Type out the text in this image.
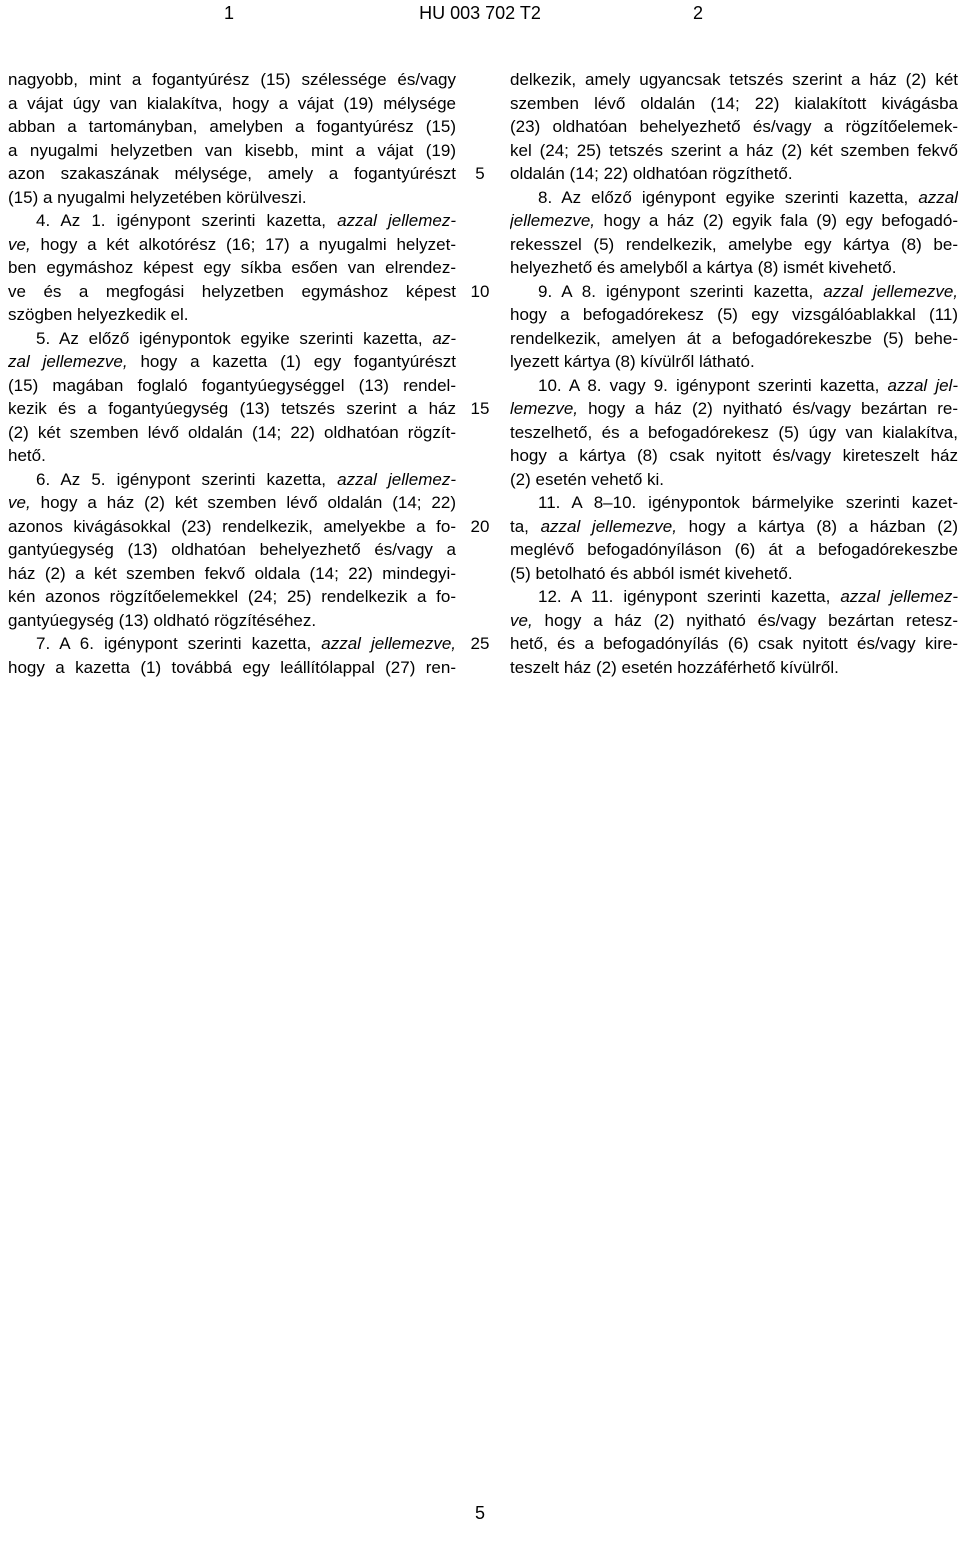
1	HU 003 702 T2	2
nagyobb, mint a fogantyúrész (15) szélessége és/vagy
a vájat úgy van kialakítva, hogy a vájat (19) mélysége
abban a tartományban, amelyben a fogantyúrész (15)
a nyugalmi helyzetben van kisebb, mint a vájat (19)
azon szakaszának mélysége, amely a fogantyúrészt
(15) a nyugalmi helyzetében körülveszi.
4. Az 1. igénypont szerinti kazetta, azzal jellemez-
ve, hogy a két alkotórész (16; 17) a nyugalmi helyzet-
ben egymáshoz képest egy síkba esően van elrendez-
ve és a megfogási helyzetben egymáshoz képest
szögben helyezkedik el.
5. Az előző igénypontok egyike szerinti kazetta, az-
zal jellemezve, hogy a kazetta (1) egy fogantyúrészt
(15) magában foglaló fogantyúegységgel (13) rendel-
kezik és a fogantyúegység (13) tetszés szerint a ház
(2) két szemben lévő oldalán (14; 22) oldhatóan rögzít-
hető.
6. Az 5. igénypont szerinti kazetta, azzal jellemez-
ve, hogy a ház (2) két szemben lévő oldalán (14; 22)
azonos kivágásokkal (23) rendelkezik, amelyekbe a fo-
gantyúegység (13) oldhatóan behelyezhető és/vagy a
ház (2) a két szemben fekvő oldala (14; 22) mindegyi-
kén azonos rögzítőelemekkel (24; 25) rendelkezik a fo-
gantyúegység (13) oldható rögzítéséhez.
7. A 6. igénypont szerinti kazetta, azzal jellemezve,
hogy a kazetta (1) továbbá egy leállítólappal (27) ren-
5
10
15
20
25
delkezik, amely ugyancsak tetszés szerint a ház (2) két
szemben lévő oldalán (14; 22) kialakított kivágásba
(23) oldhatóan behelyezhető és/vagy a rögzítőelemek-
kel (24; 25) tetszés szerint a ház (2) két szemben fekvő
oldalán (14; 22) oldhatóan rögzíthető.
8. Az előző igénypont egyike szerinti kazetta, azzal
jellemezve, hogy a ház (2) egyik fala (9) egy befogadó-
rekesszel (5) rendelkezik, amelybe egy kártya (8) be-
helyezhető és amelyből a kártya (8) ismét kivehető.
9. A 8. igénypont szerinti kazetta, azzal jellemezve,
hogy a befogadórekesz (5) egy vizsgálóablakkal (11)
rendelkezik, amelyen át a befogadórekeszbe (5) behe-
lyezett kártya (8) kívülről látható.
10. A 8. vagy 9. igénypont szerinti kazetta, azzal jel-
lemezve, hogy a ház (2) nyitható és/vagy bezártan re-
teszelhető, és a befogadórekesz (5) úgy van kialakítva,
hogy a kártya (8) csak nyitott és/vagy kireteszelt ház
(2) esetén vehető ki.
11. A 8–10. igénypontok bármelyike szerinti kazet-
ta, azzal jellemezve, hogy a kártya (8) a házban (2)
meglévő befogadónyíláson (6) át a befogadórekeszbe
(5) betolható és abból ismét kivehető.
12. A 11. igénypont szerinti kazetta, azzal jellemez-
ve, hogy a ház (2) nyitható és/vagy bezártan retesz-
hető, és a befogadónyílás (6) csak nyitott és/vagy kire-
teszelt ház (2) esetén hozzáférhető kívülről.
5
